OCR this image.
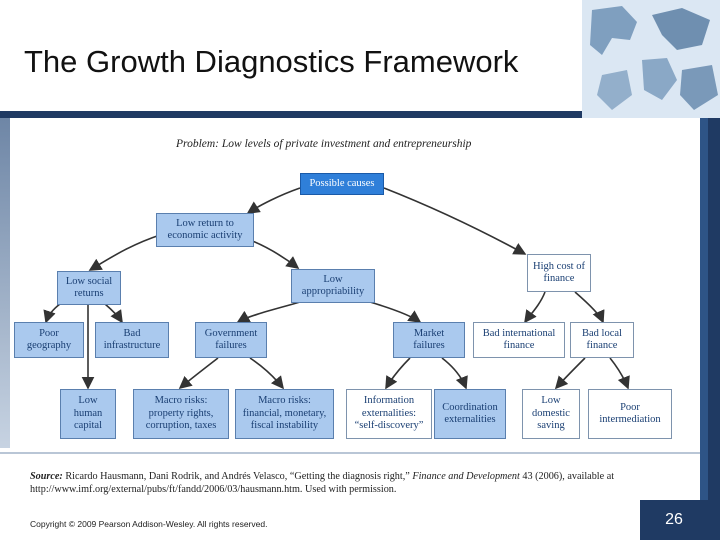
The Growth Diagnostics Framework
Problem: Low levels of private investment and entrepreneurship
Possible causes
Low return to
economic activity
High cost of
finance
Low social
returns
Low
appropriability
Poor
geography
Bad
infrastructure
Government
failures
Market
failures
Bad international
finance
Bad local
finance
Low
human
capital
Macro risks:
property rights,
corruption, taxes
Macro risks:
financial, monetary,
fiscal instability
Information
externalities:
“self-discovery”
Coordination
externalities
Low
domestic
saving
Poor
intermediation
Source: Ricardo Hausmann, Dani Rodrik, and Andrés Velasco, “Getting the diagnosis right,” Finance and Development 43 (2006), available at http://www.imf.org/external/pubs/ft/fandd/2006/03/hausmann.htm. Used with permission.
Copyright © 2009 Pearson Addison-Wesley. All rights reserved.	26
